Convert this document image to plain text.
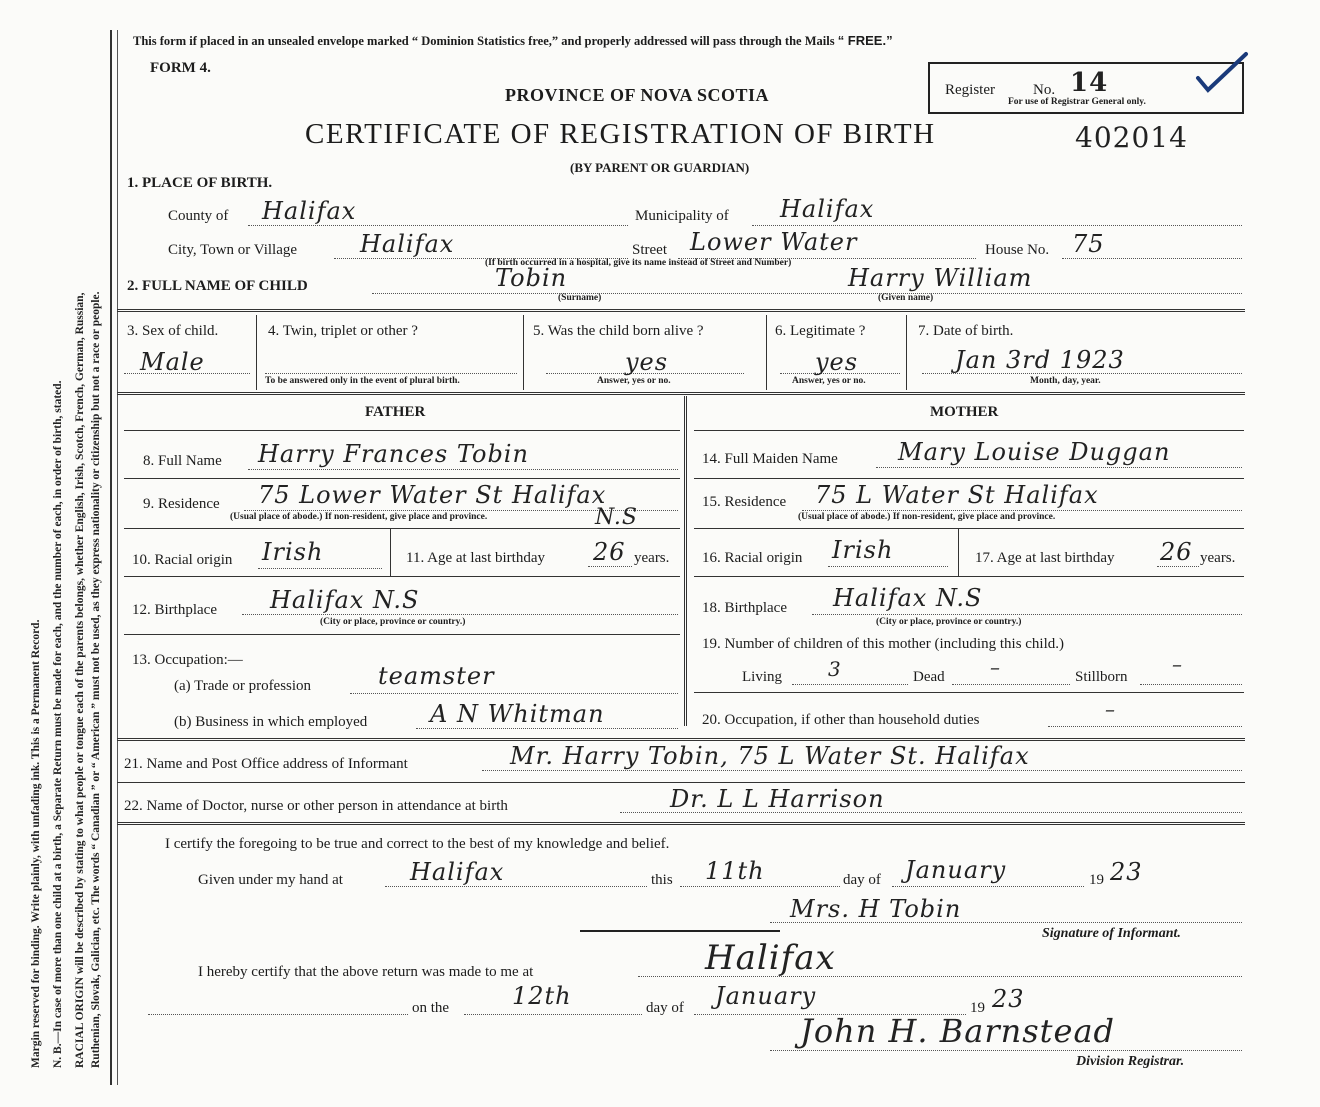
Margin reserved for binding. Write plainly, with unfading ink. This is a Permanent Record. N. B.—In case of more than one child at a birth, a Separate Return must be made for each, and the number of each, in order of birth, stated. RACIAL ORIGIN will be described by stating to what people or tongue each of the parents belongs, whether English, Irish, Scotch, French, German, Russian, Ruthenian, Slovak, Galician, etc. The words “ Canadian ” or “ American ” must not be used, as they express nationality or citizenship but not a race or people.
This form if placed in an unsealed envelope marked “ Dominion Statistics free,” and properly addressed will pass through the Mails “ FREE.”
FORM 4.
PROVINCE OF NOVA SCOTIA	Register	No. 14
For use of Registrar General only.
CERTIFICATE OF REGISTRATION OF BIRTH	402014
(BY PARENT OR GUARDIAN)
1. PLACE OF BIRTH.
County of Halifax	Municipality of Halifax
City, Town or Village	Halifax	Street Lower Water	House No. 75
(If birth occurred in a hospital, give its name instead of Street and Number)
2. FULL NAME OF CHILD	Tobin
(Surname)
Harry William
(Given name)
3. Sex of child.
Male
4. Twin, triplet or other ?
To be answered only in the event of plural birth.
5. Was the child born alive ?
yes
Answer, yes or no.
6. Legitimate ?
yes
Answer, yes or no.
7. Date of birth.
Jan 3rd 1923
Month, day, year.
FATHER
8. Full Name Harry Frances Tobin
9. Residence 75 Lower Water St Halifax
N.S
(Usual place of abode.) If non-resident, give place and province.
10. Racial origin Irish	11. Age at last birthday 26 years.
12. Birthplace Halifax N.S
(City or place, province or country.)
13. Occupation:—
(a) Trade or profession	teamster
(b) Business in which employed	A N Whitman
MOTHER
14. Full Maiden Name	Mary Louise Duggan
15. Residence 75 L Water St Halifax
(Usual place of abode.) If non-resident, give place and province.
16. Racial origin Irish	17. Age at last birthday 26 years.
18. Birthplace Halifax N.S
(City or place, province or country.)
19. Number of children of this mother (including this child.)
Living 3	Dead –	Stillborn
–
20. Occupation, if other than household duties	–
21. Name and Post Office address of Informant	Mr. Harry Tobin, 75 L Water St. Halifax
22. Name of Doctor, nurse or other person in attendance at birth	Dr. L L Harrison
I certify the foregoing to be true and correct to the best of my knowledge and belief.
Given under my hand at	Halifax	this 11th	day of January	19 23
Mrs. H Tobin
Signature of Informant.
I hereby certify that the above return was made to me at	Halifax
on the	12th	day of January	19 23
John H. Barnstead
Division Registrar.
